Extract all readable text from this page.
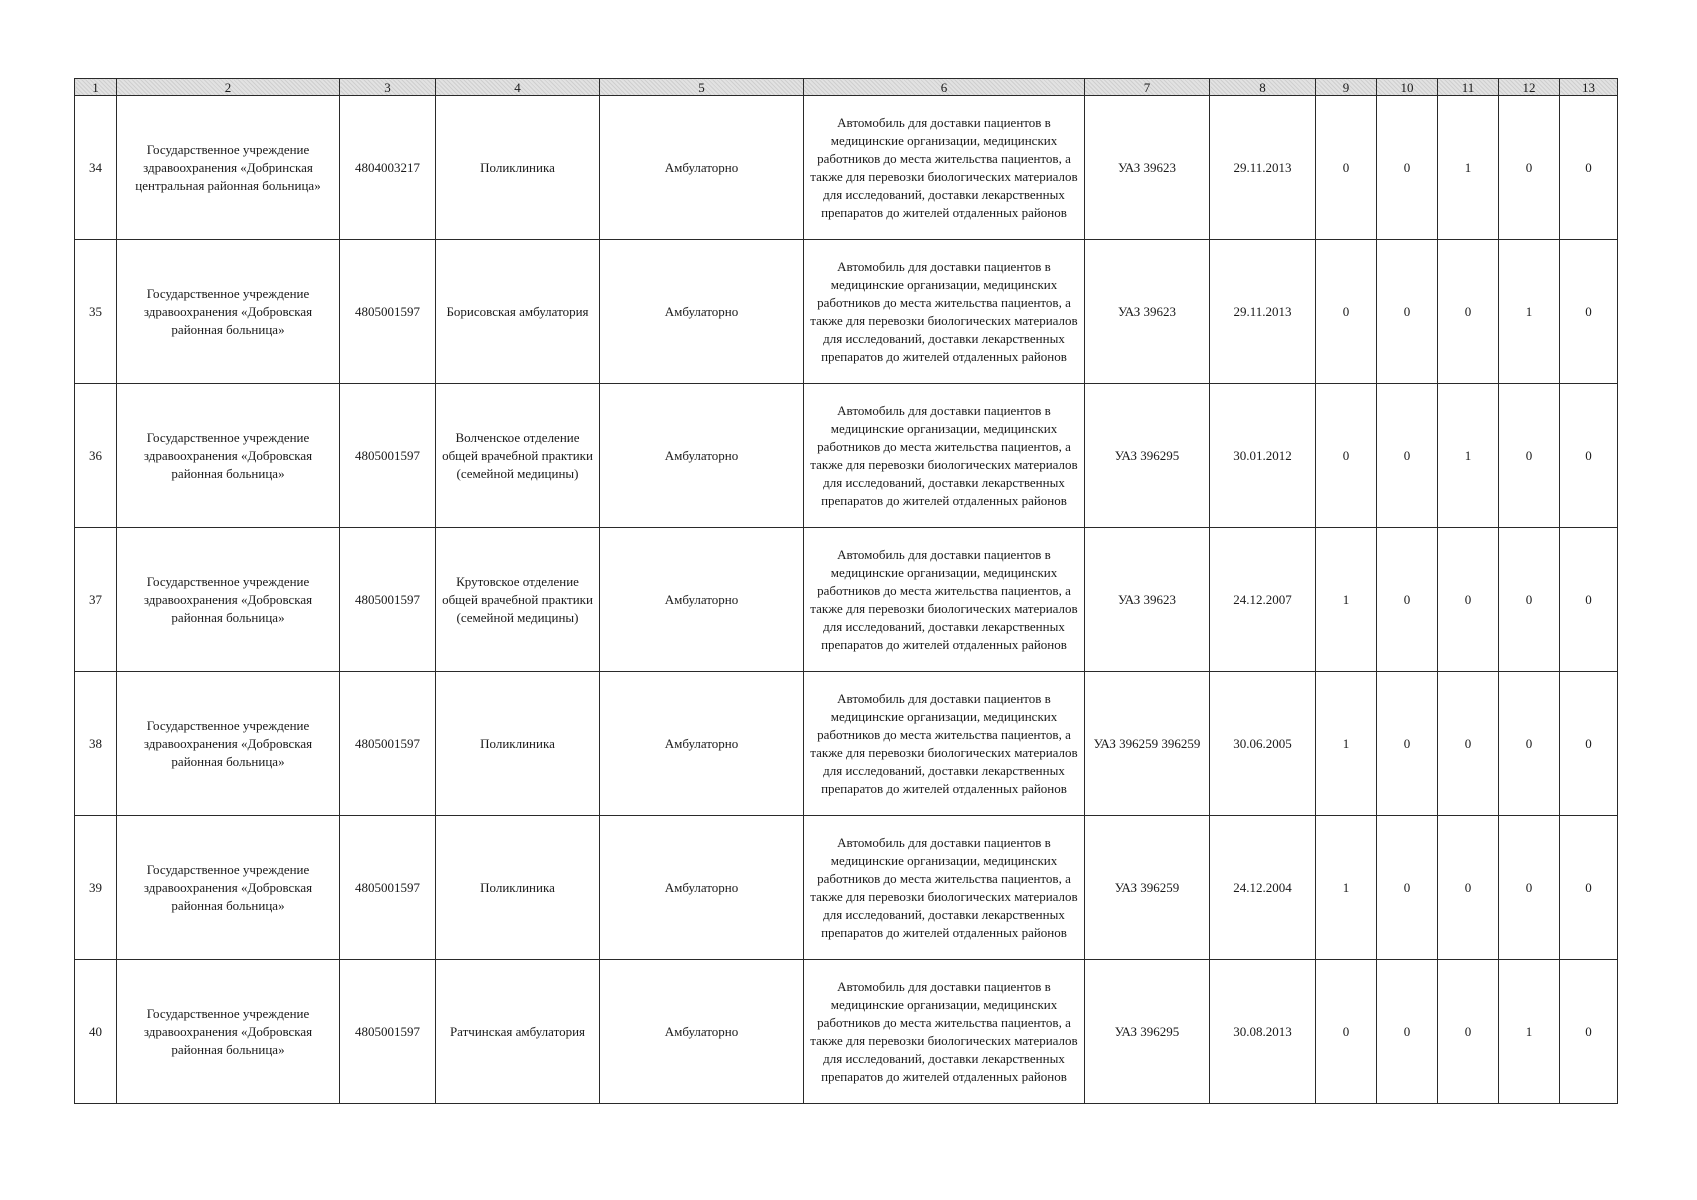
1	2	3	4	5	6	7	8	9	10	11	12	13
34	Государственное учреждение здравоохранения «Добринская центральная районная больница»	4804003217	Поликлиника	Амбулаторно	Автомобиль для доставки пациентов в медицинские организации, медицинских работников до места жительства пациентов, а также для перевозки биологических материалов для исследований, доставки лекарственных препаратов до жителей отдаленных районов	УАЗ 39623	29.11.2013	0	0	1	0	0
35	Государственное учреждение здравоохранения «Добровская районная больница»	4805001597	Борисовская амбулатория	Амбулаторно	Автомобиль для доставки пациентов в медицинские организации, медицинских работников до места жительства пациентов, а также для перевозки биологических материалов для исследований, доставки лекарственных препаратов до жителей отдаленных районов	УАЗ 39623	29.11.2013	0	0	0	1	0
36	Государственное учреждение здравоохранения «Добровская районная больница»	4805001597	Волченское отделение общей врачебной практики (семейной медицины)	Амбулаторно	Автомобиль для доставки пациентов в медицинские организации, медицинских работников до места жительства пациентов, а также для перевозки биологических материалов для исследований, доставки лекарственных препаратов до жителей отдаленных районов	УАЗ 396295	30.01.2012	0	0	1	0	0
37	Государственное учреждение здравоохранения «Добровская районная больница»	4805001597	Крутовское отделение общей врачебной практики (семейной медицины)	Амбулаторно	Автомобиль для доставки пациентов в медицинские организации, медицинских работников до места жительства пациентов, а также для перевозки биологических материалов для исследований, доставки лекарственных препаратов до жителей отдаленных районов	УАЗ 39623	24.12.2007	1	0	0	0	0
38	Государственное учреждение здравоохранения «Добровская районная больница»	4805001597	Поликлиника	Амбулаторно	Автомобиль для доставки пациентов в медицинские организации, медицинских работников до места жительства пациентов, а также для перевозки биологических материалов для исследований, доставки лекарственных препаратов до жителей отдаленных районов	УАЗ 396259 396259	30.06.2005	1	0	0	0	0
39	Государственное учреждение здравоохранения «Добровская районная больница»	4805001597	Поликлиника	Амбулаторно	Автомобиль для доставки пациентов в медицинские организации, медицинских работников до места жительства пациентов, а также для перевозки биологических материалов для исследований, доставки лекарственных препаратов до жителей отдаленных районов	УАЗ 396259	24.12.2004	1	0	0	0	0
40	Государственное учреждение здравоохранения «Добровская районная больница»	4805001597	Ратчинская амбулатория	Амбулаторно	Автомобиль для доставки пациентов в медицинские организации, медицинских работников до места жительства пациентов, а также для перевозки биологических материалов для исследований, доставки лекарственных препаратов до жителей отдаленных районов	УАЗ 396295	30.08.2013	0	0	0	1	0
